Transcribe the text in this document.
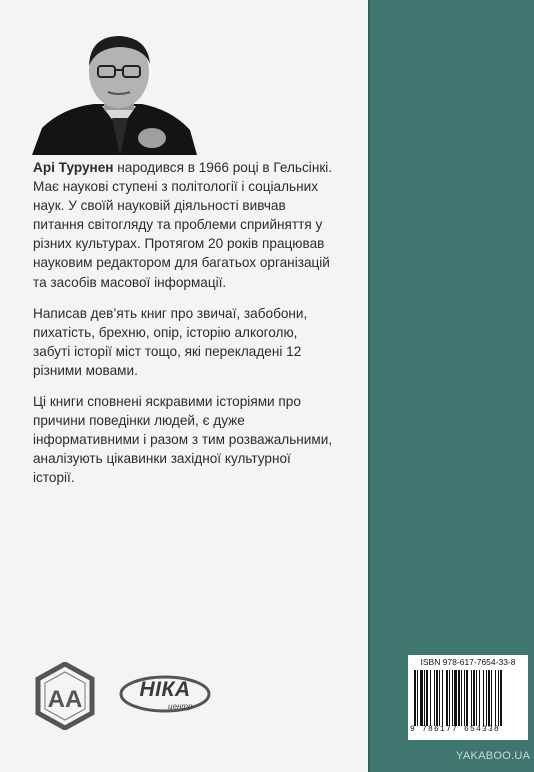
Арі Турунен народився в 1966 році в Гельсінкі. Має наукові ступені з політології і соціальних наук. У своїй науковій діяльності вивчав питання світогляду та проблеми сприйняття у різних культурах. Протягом 20 років працював науковим редактором для багатьох організацій та засобів масової інформації.

Написав дев’ять книг про звичаї, забобони, пихатість, брехню, опір, історію алкоголю, забуті історії міст тощо, які перекладені 12 різними мовами.

Ці книги сповнені яскравими історіями про причини поведінки людей, є дуже інформативними і разом з тим розважальними, аналізують цікавинки західної культурної історії.

AA	НІКА
центр
ISBN 978-617-7654-33-8
9 786177 654338
YAKABOO.UA
